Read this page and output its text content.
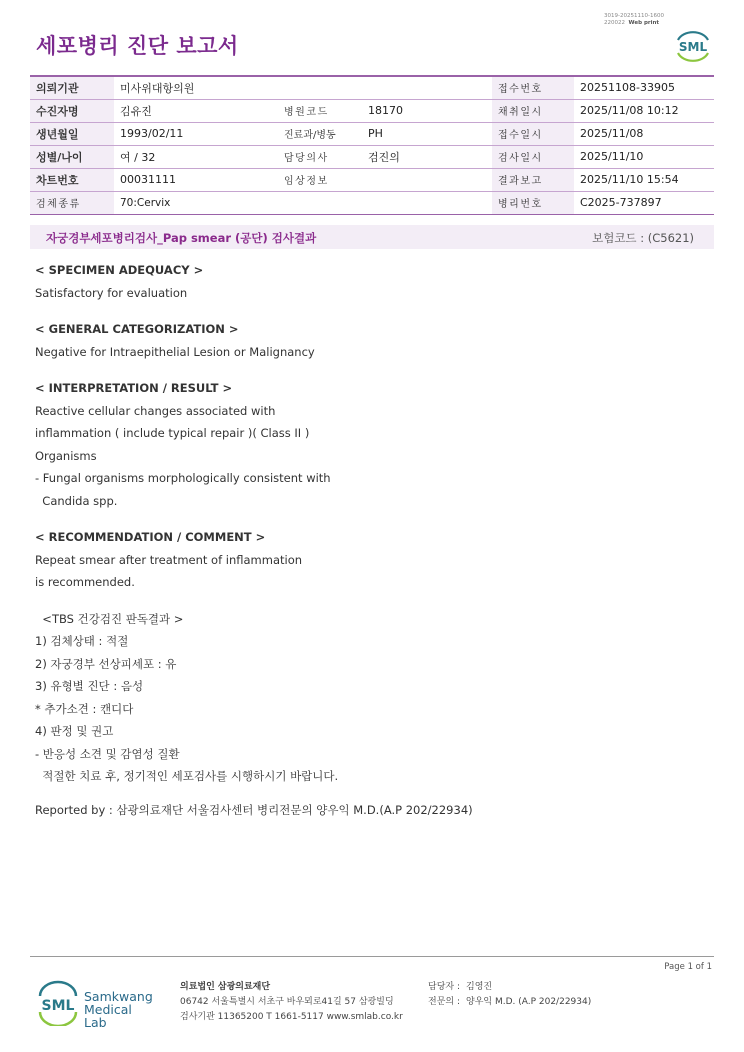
세포병리 진단 보고서
3019-20251110-1600
220022 Web print
SML
의뢰기관	미사위대항의원			접수번호	20251108-33905
수진자명	김유진	병원코드	18170	채취일시	2025/11/08 10:12
생년월일	1993/02/11	진료과/병동	PH	접수일시	2025/11/08
성별/나이	여 / 32	담당의사	검진의	검사일시	2025/11/10
차트번호	00031111	임상정보		결과보고	2025/11/10 15:54
검체종류	70:Cervix			병리번호	C2025-737897
자궁경부세포병리검사_Pap smear (공단) 검사결과	보험코드 : (C5621)
< SPECIMEN ADEQUACY >
Satisfactory for evaluation
< GENERAL CATEGORIZATION >
Negative for Intraepithelial Lesion or Malignancy
< INTERPRETATION / RESULT >
Reactive cellular changes associated with
inflammation ( include typical repair )( Class II )
Organisms
- Fungal organisms morphologically consistent with
Candida spp.
< RECOMMENDATION / COMMENT >
Repeat smear after treatment of inflammation
is recommended.
<TBS 건강검진 판독결과 >
1) 검체상태 : 적절
2) 자궁경부 선상피세포 : 유
3) 유형별 진단 : 음성
* 추가소견 : 캔디다
4) 판정 및 권고
- 반응성 소견 및 감염성 질환
적절한 치료 후, 정기적인 세포검사를 시행하시기 바랍니다.
Reported by : 삼광의료재단 서울검사센터 병리전문의 양우익 M.D.(A.P 202/22934)
Page 1 of 1
SML
Samkwang
Medical Lab
의료법인 삼광의료재단
06742 서울특별시 서초구 바우뫼로41길 57 삼광빌딩
검사기관 11365200 T 1661-5117 www.smlab.co.kr
담당자 : 김영진
전문의 : 양우익 M.D. (A.P 202/22934)
